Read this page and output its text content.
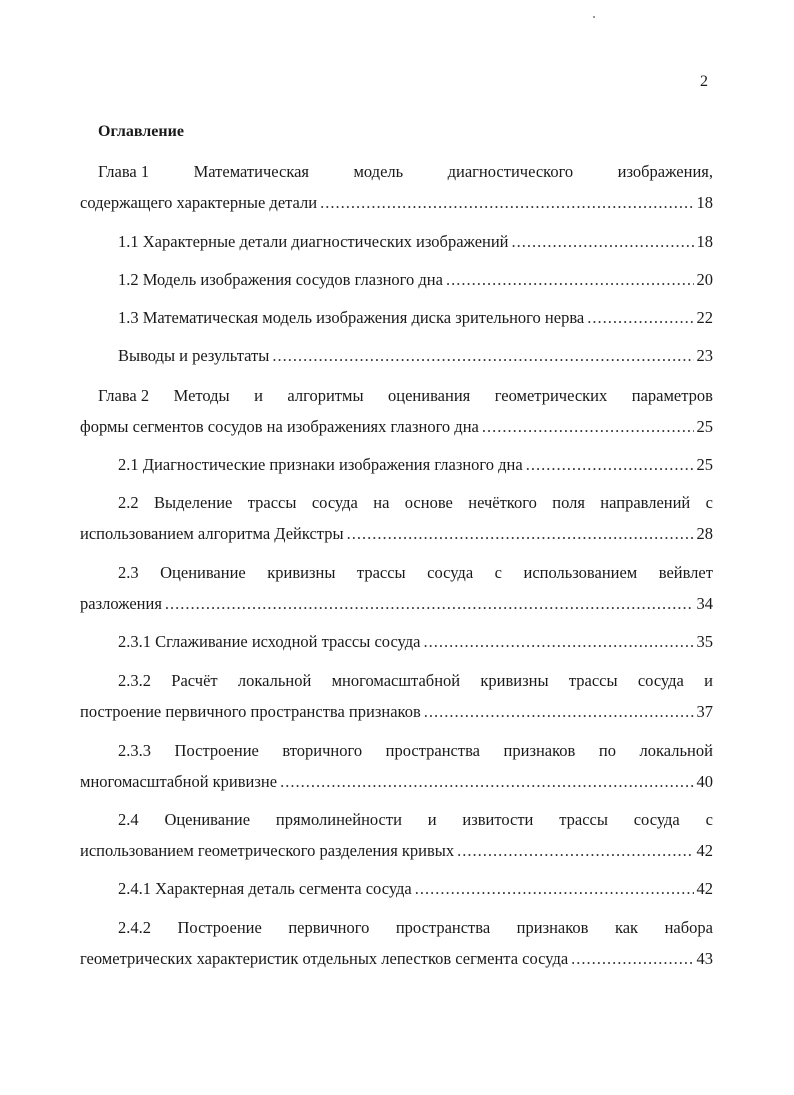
2
Оглавление
Глава 1	Математическая	модель	диагностического	изображения,
содержащего характерные детали .....	18
1.1 Характерные детали диагностических изображений .....	18
1.2 Модель изображения сосудов глазного дна .....	20
1.3 Математическая модель изображения диска зрительного нерва .....	22
Выводы и результаты .....	23
Глава 2 Методы и алгоритмы оценивания геометрических параметров
формы сегментов сосудов на изображениях глазного дна .....	25
2.1 Диагностические признаки изображения глазного дна .....	25
2.2 Выделение трассы сосуда на основе нечёткого поля направлений с
использованием алгоритма Дейкстры .....	28
2.3 Оценивание кривизны трассы сосуда с использованием вейвлет
разложения .....	34
2.3.1 Сглаживание исходной трассы сосуда .....	35
2.3.2 Расчёт локальной многомасштабной кривизны трассы сосуда и
построение первичного пространства признаков .....	37
2.3.3 Построение вторичного пространства признаков по локальной
многомасштабной кривизне .....	40
2.4 Оценивание прямолинейности и извитости трассы сосуда с
использованием геометрического разделения кривых .....	42
2.4.1 Характерная деталь сегмента сосуда .....	42
2.4.2 Построение первичного пространства признаков как набора
геометрических характеристик отдельных лепестков сегмента сосуда .....	43
